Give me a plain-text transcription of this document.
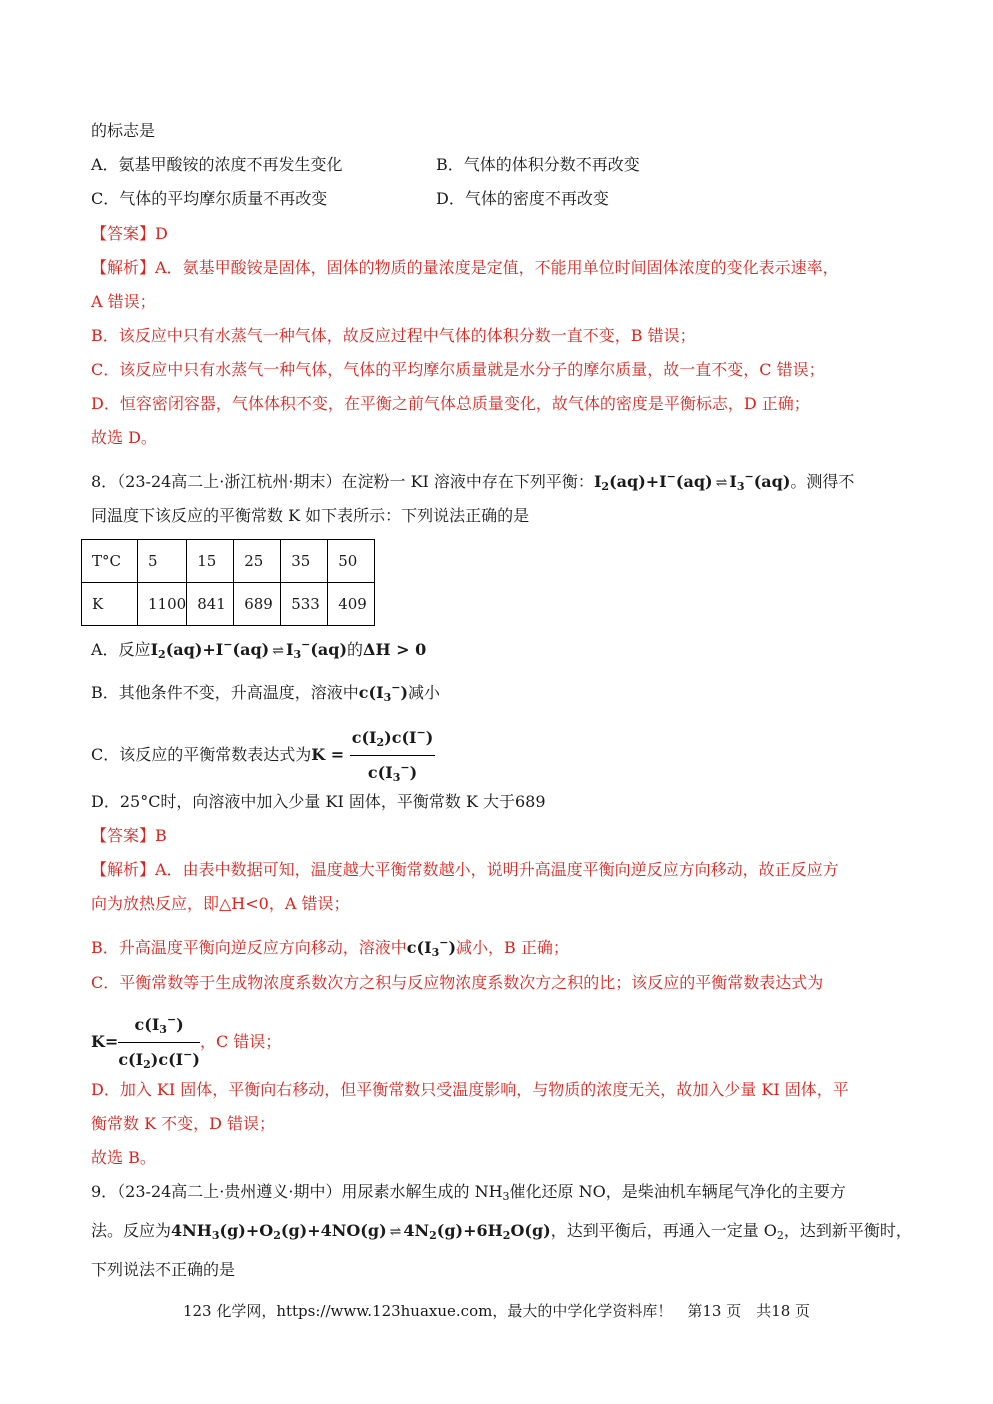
的标志是
A．氨基甲酸铵的浓度不再发生变化	B．气体的体积分数不再改变
C．气体的平均摩尔质量不再改变	D．气体的密度不再改变
【答案】D
【解析】A．氨基甲酸铵是固体，固体的物质的量浓度是定值，不能用单位时间固体浓度的变化表示速率，
A 错误；
B．该反应中只有水蒸气一种气体，故反应过程中气体的体积分数一直不变，B 错误；
C．该反应中只有水蒸气一种气体，气体的平均摩尔质量就是水分子的摩尔质量，故一直不变，C 错误；
D．恒容密闭容器，气体体积不变，在平衡之前气体总质量变化，故气体的密度是平衡标志，D 正确；
故选 D。
8．（23-24高二上·浙江杭州·期末）在淀粉一 KI 溶液中存在下列平衡：$I_2(aq)+I^-(aq)$ ⇌ $I_3^-(aq)$。测得不
同温度下该反应的平衡常数 K 如下表所示：下列说法正确的是
T°C	5	15	25	35	50
K	1100	841	689	533	409
A．反应$I_2(aq)+I^-(aq)$ ⇌ $I_3^-(aq)$的ΔH > 0
B．其他条件不变，升高温度，溶液中$c(I_3^-)$减小
C．该反应的平衡常数表达式为$K = \frac{c(I_2)c(I^-)}{c(I_3^-)}$
D．25°C时，向溶液中加入少量 KI 固体，平衡常数 K 大于689
【答案】B
【解析】A．由表中数据可知，温度越大平衡常数越小，说明升高温度平衡向逆反应方向移动，故正反应方
向为放热反应，即△H<0，A 错误；
B．升高温度平衡向逆反应方向移动，溶液中$c(I_3^-)$减小，B 正确；
C．平衡常数等于生成物浓度系数次方之积与反应物浓度系数次方之积的比；该反应的平衡常数表达式为
$K= \frac{c(I_3^-)}{c(I_2)c(I^-)}$ ，C 错误；
D．加入 KI 固体，平衡向右移动，但平衡常数只受温度影响，与物质的浓度无关，故加入少量 KI 固体，平
衡常数 K 不变，D 错误；
故选 B。
9．（23-24高二上·贵州遵义·期中）用尿素水解生成的 $NH_3$催化还原 NO，是柴油机车辆尾气净化的主要方
法。反应为$4NH_3(g)+O_2(g)+4NO(g)$ ⇌ $4N_2(g)+6H_2O(g)$，达到平衡后，再通入一定量 $O_2$，达到新平衡时，
下列说法不正确的是
123 化学网，https://www.123huaxue.com，最大的中学化学资料库！　第13 页　共18 页
